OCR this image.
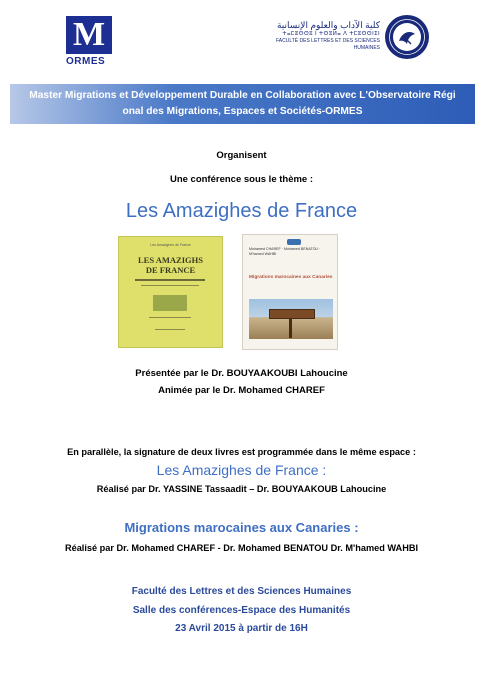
M
ORMES
كلية الآداب والعلوم الإنسانية
ⵜⴰⵎⵓⵙⵙⵓ ⵏ ⵜⵙⵓⵍⴰ ⴷ ⵜⵎⵓⵙⵙⵏⵉⵏ
FACULTÉ DES LETTRES ET DES SCIENCES HUMAINES
Master Migrations et Développement Durable en Collaboration avec L'Observatoire Régi
onal des Migrations, Espaces et Sociétés-ORMES
Organisent
Une conférence sous le thème :
Les Amazighes de France
Les Amazighes de France
LES AMAZIGHS
DE FRANCE
Mohamed CHAREF · Mohamed BENATOU · M'hamed WAHBI
Migrations marocaines aux Canaries
Présentée par le Dr. BOUYAAKOUBI Lahoucine
Animée par le Dr. Mohamed CHAREF
En parallèle, la signature de deux livres est programmée dans le même espace :
Les Amazighes de France :
Réalisé par Dr. YASSINE Tassaadit – Dr. BOUYAAKOUB Lahoucine
Migrations marocaines aux Canaries :
Réalisé par Dr. Mohamed CHAREF - Dr. Mohamed BENATOU Dr. M'hamed WAHBI
Faculté des Lettres et des Sciences Humaines
Salle des conférences-Espace des Humanités
23 Avril 2015 à partir de 16H
